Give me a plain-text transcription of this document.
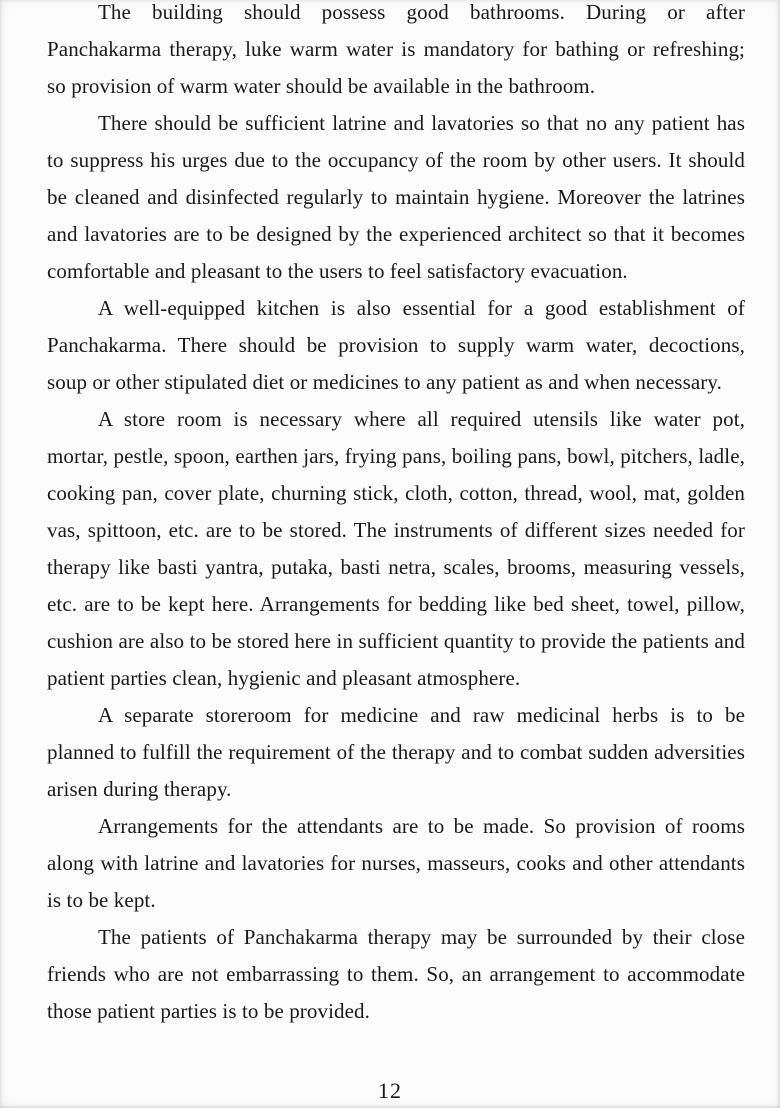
The building should possess good bathrooms. During or after
Panchakarma therapy, luke warm water is mandatory for bathing or refreshing;
so provision of warm water should be available in the bathroom.
There should be sufficient latrine and lavatories so that no any patient has
to suppress his urges due to the occupancy of the room by other users. It should
be cleaned and disinfected regularly to maintain hygiene. Moreover the latrines
and lavatories are to be designed by the experienced architect so that it becomes
comfortable and pleasant to the users to feel satisfactory evacuation.
A well-equipped kitchen is also essential for a good establishment of
Panchakarma. There should be provision to supply warm water, decoctions,
soup or other stipulated diet or medicines to any patient as and when necessary.
A store room is necessary where all required utensils like water pot,
mortar, pestle, spoon, earthen jars, frying pans, boiling pans, bowl, pitchers, ladle,
cooking pan, cover plate, churning stick, cloth, cotton, thread, wool, mat, golden
vas, spittoon, etc. are to be stored. The instruments of different sizes needed for
therapy like basti yantra, putaka, basti netra, scales, brooms, measuring vessels,
etc. are to be kept here. Arrangements for bedding like bed sheet, towel, pillow,
cushion are also to be stored here in sufficient quantity to provide the patients and
patient parties clean, hygienic and pleasant atmosphere.
A separate storeroom for medicine and raw medicinal herbs is to be
planned to fulfill the requirement of the therapy and to combat sudden adversities
arisen during therapy.
Arrangements for the attendants are to be made. So provision of rooms
along with latrine and lavatories for nurses, masseurs, cooks and other attendants
is to be kept.
The patients of Panchakarma therapy may be surrounded by their close
friends who are not embarrassing to them. So, an arrangement to accommodate
those patient parties is to be provided.
12
